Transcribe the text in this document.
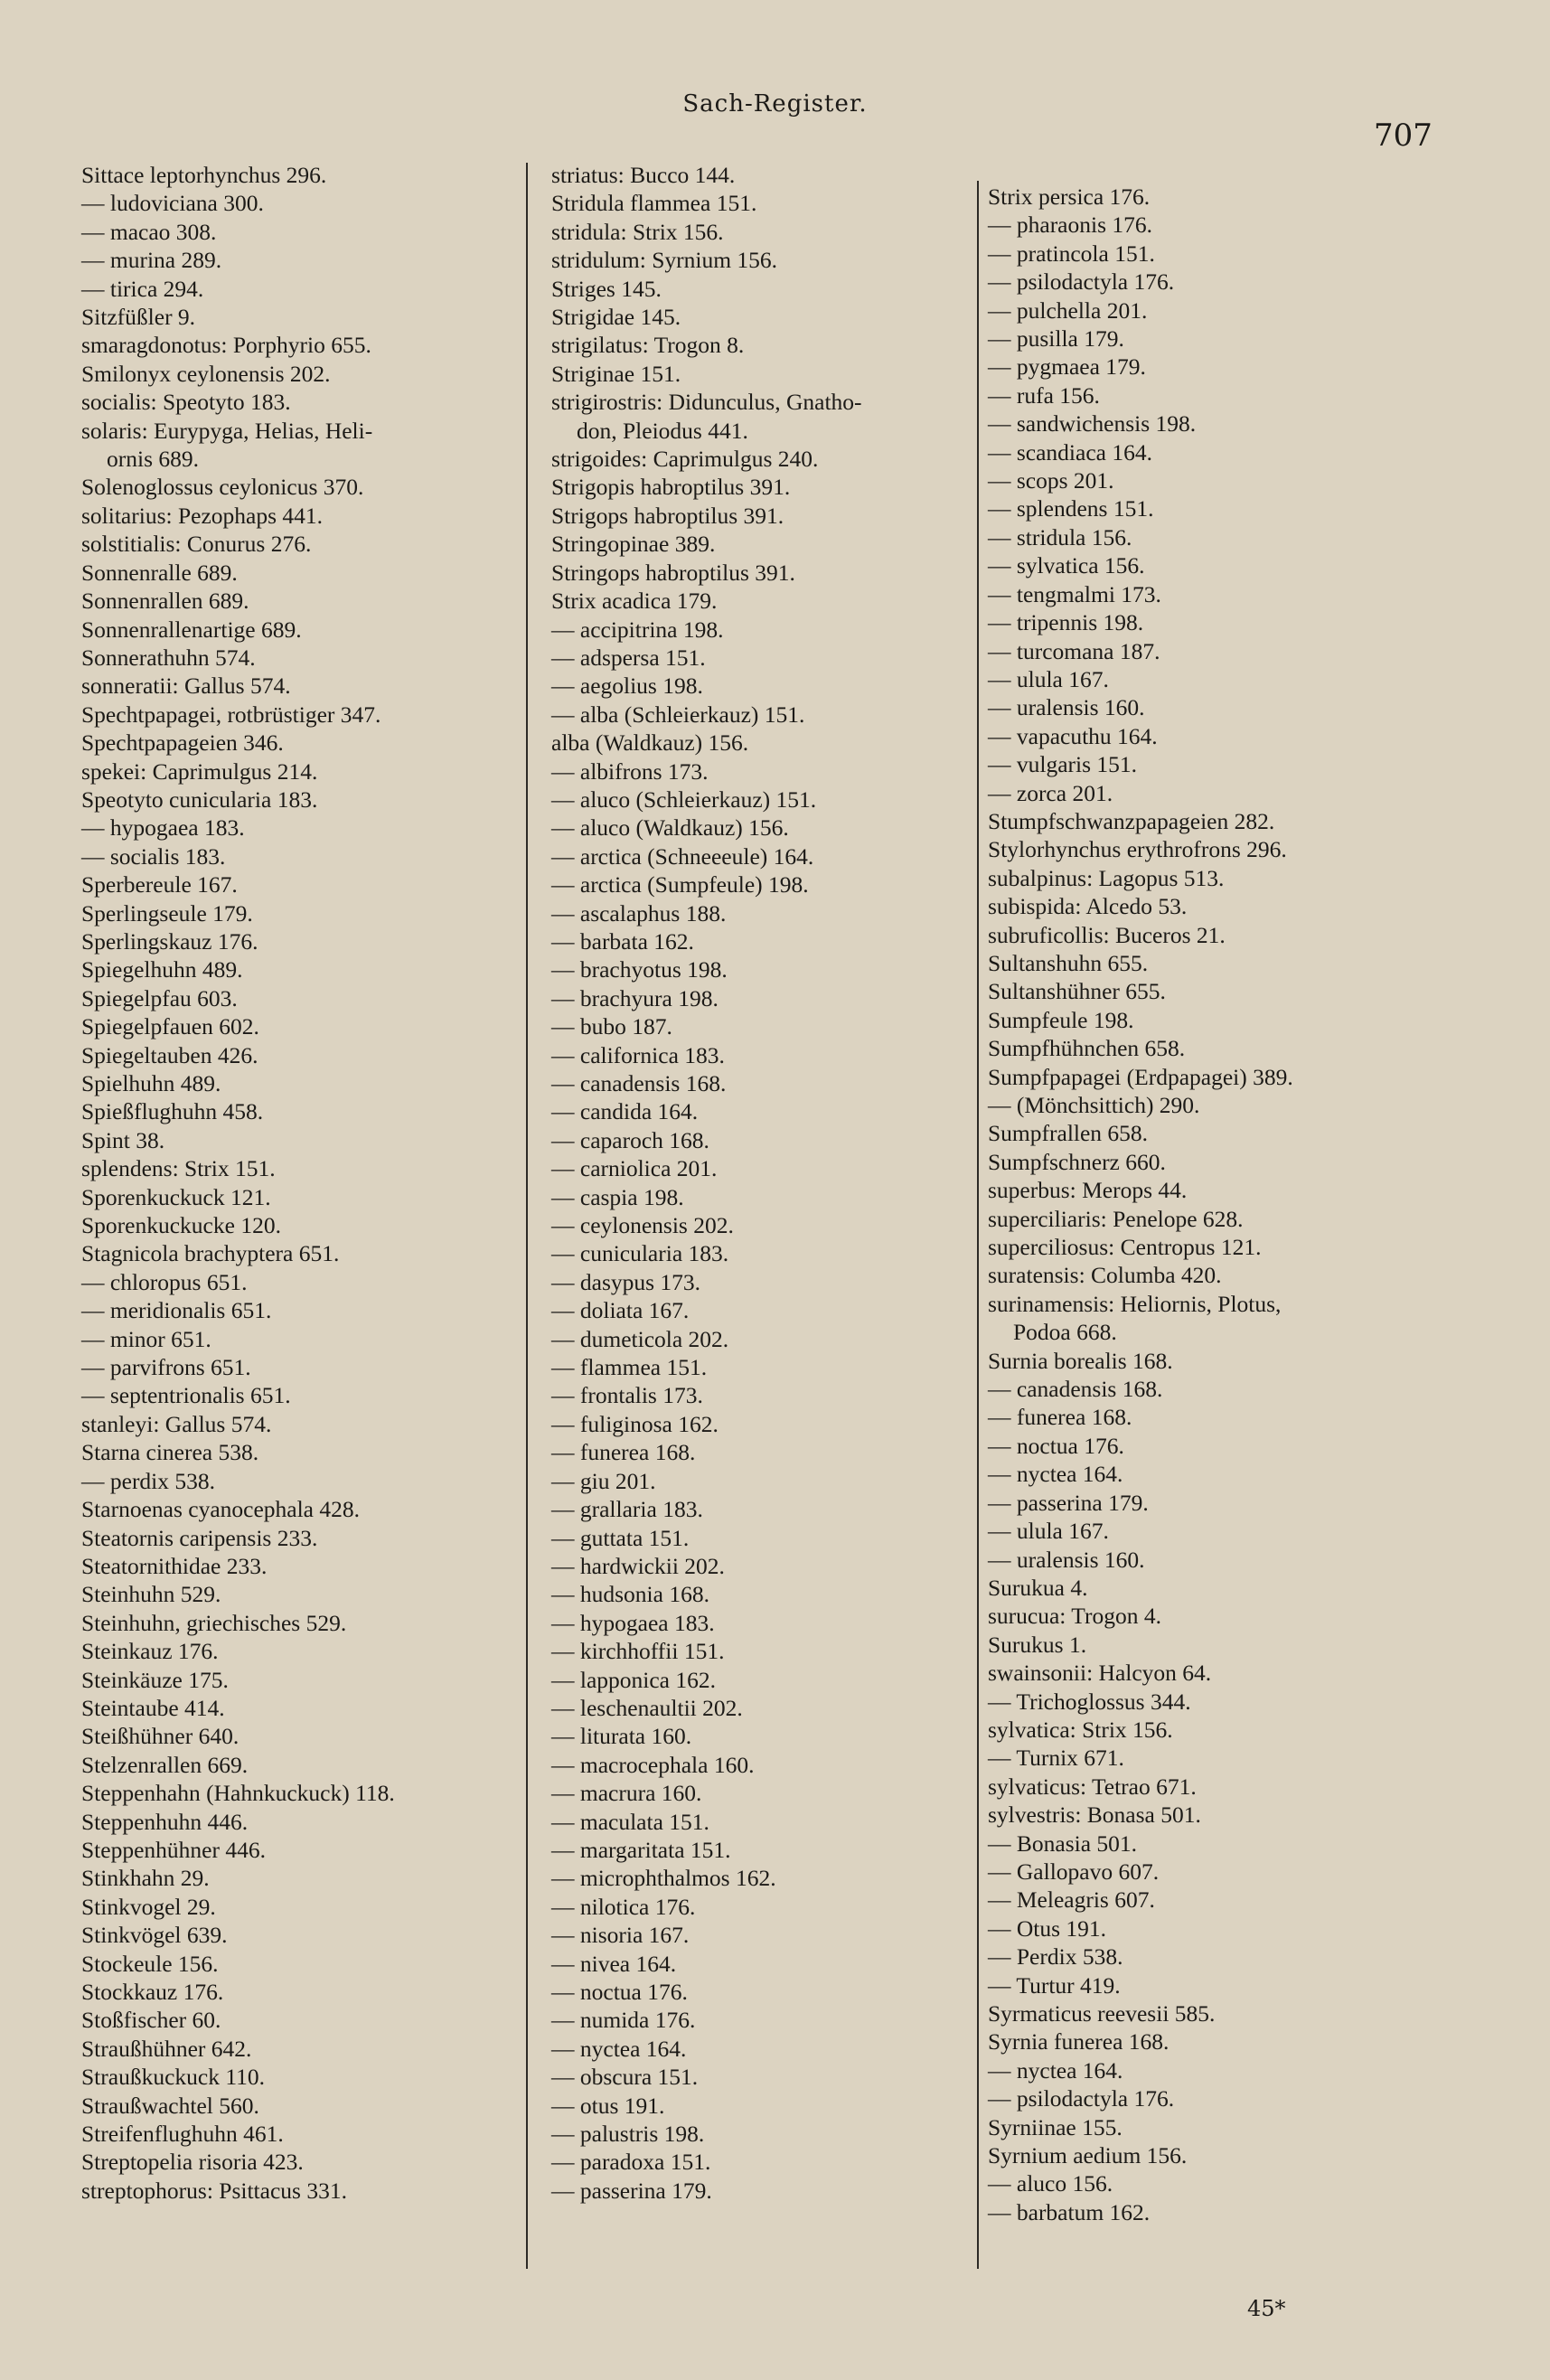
Sach-Register.
707
Sittace leptorhynchus 296.
— ludoviciana 300.
— macao 308.
— murina 289.
— tirica 294.
Sitzfüßler 9.
smaragdonotus: Porphyrio 655.
Smilonyx ceylonensis 202.
socialis: Speotyto 183.
solaris: Eurypyga, Helias, Heli-
ornis 689.
Solenoglossus ceylonicus 370.
solitarius: Pezophaps 441.
solstitialis: Conurus 276.
Sonnenralle 689.
Sonnenrallen 689.
Sonnenrallenartige 689.
Sonnerathuhn 574.
sonneratii: Gallus 574.
Spechtpapagei, rotbrüstiger 347.
Spechtpapageien 346.
spekei: Caprimulgus 214.
Speotyto cunicularia 183.
— hypogaea 183.
— socialis 183.
Sperbereule 167.
Sperlingseule 179.
Sperlingskauz 176.
Spiegelhuhn 489.
Spiegelpfau 603.
Spiegelpfauen 602.
Spiegeltauben 426.
Spielhuhn 489.
Spießflughuhn 458.
Spint 38.
splendens: Strix 151.
Sporenkuckuck 121.
Sporenkuckucke 120.
Stagnicola brachyptera 651.
— chloropus 651.
— meridionalis 651.
— minor 651.
— parvifrons 651.
— septentrionalis 651.
stanleyi: Gallus 574.
Starna cinerea 538.
— perdix 538.
Starnoenas cyanocephala 428.
Steatornis caripensis 233.
Steatornithidae 233.
Steinhuhn 529.
Steinhuhn, griechisches 529.
Steinkauz 176.
Steinkäuze 175.
Steintaube 414.
Steißhühner 640.
Stelzenrallen 669.
Steppenhahn (Hahnkuckuck) 118.
Steppenhuhn 446.
Steppenhühner 446.
Stinkhahn 29.
Stinkvogel 29.
Stinkvögel 639.
Stockeule 156.
Stockkauz 176.
Stoßfischer 60.
Straußhühner 642.
Straußkuckuck 110.
Straußwachtel 560.
Streifenflughuhn 461.
Streptopelia risoria 423.
streptophorus: Psittacus 331.
striatus: Bucco 144.
Stridula flammea 151.
stridula: Strix 156.
stridulum: Syrnium 156.
Striges 145.
Strigidae 145.
strigilatus: Trogon 8.
Striginae 151.
strigirostris: Didunculus, Gnatho-
don, Pleiodus 441.
strigoides: Caprimulgus 240.
Strigopis habroptilus 391.
Strigops habroptilus 391.
Stringopinae 389.
Stringops habroptilus 391.
Strix acadica 179.
— accipitrina 198.
— adspersa 151.
— aegolius 198.
— alba (Schleierkauz) 151.
alba (Waldkauz) 156.
— albifrons 173.
— aluco (Schleierkauz) 151.
— aluco (Waldkauz) 156.
— arctica (Schneeeule) 164.
— arctica (Sumpfeule) 198.
— ascalaphus 188.
— barbata 162.
— brachyotus 198.
— brachyura 198.
— bubo 187.
— californica 183.
— canadensis 168.
— candida 164.
— caparoch 168.
— carniolica 201.
— caspia 198.
— ceylonensis 202.
— cunicularia 183.
— dasypus 173.
— doliata 167.
— dumeticola 202.
— flammea 151.
— frontalis 173.
— fuliginosa 162.
— funerea 168.
— giu 201.
— grallaria 183.
— guttata 151.
— hardwickii 202.
— hudsonia 168.
— hypogaea 183.
— kirchhoffii 151.
— lapponica 162.
— leschenaultii 202.
— liturata 160.
— macrocephala 160.
— macrura 160.
— maculata 151.
— margaritata 151.
— microphthalmos 162.
— nilotica 176.
— nisoria 167.
— nivea 164.
— noctua 176.
— numida 176.
— nyctea 164.
— obscura 151.
— otus 191.
— palustris 198.
— paradoxa 151.
— passerina 179.
Strix persica 176.
— pharaonis 176.
— pratincola 151.
— psilodactyla 176.
— pulchella 201.
— pusilla 179.
— pygmaea 179.
— rufa 156.
— sandwichensis 198.
— scandiaca 164.
— scops 201.
— splendens 151.
— stridula 156.
— sylvatica 156.
— tengmalmi 173.
— tripennis 198.
— turcomana 187.
— ulula 167.
— uralensis 160.
— vapacuthu 164.
— vulgaris 151.
— zorca 201.
Stumpfschwanzpapageien 282.
Stylorhynchus erythrofrons 296.
subalpinus: Lagopus 513.
subispida: Alcedo 53.
subruficollis: Buceros 21.
Sultanshuhn 655.
Sultanshühner 655.
Sumpfeule 198.
Sumpfhühnchen 658.
Sumpfpapagei (Erdpapagei) 389.
— (Mönchsittich) 290.
Sumpfrallen 658.
Sumpfschnerz 660.
superbus: Merops 44.
superciliaris: Penelope 628.
superciliosus: Centropus 121.
suratensis: Columba 420.
surinamensis: Heliornis, Plotus,
Podoa 668.
Surnia borealis 168.
— canadensis 168.
— funerea 168.
— noctua 176.
— nyctea 164.
— passerina 179.
— ulula 167.
— uralensis 160.
Surukua 4.
surucua: Trogon 4.
Surukus 1.
swainsonii: Halcyon 64.
— Trichoglossus 344.
sylvatica: Strix 156.
— Turnix 671.
sylvaticus: Tetrao 671.
sylvestris: Bonasa 501.
— Bonasia 501.
— Gallopavo 607.
— Meleagris 607.
— Otus 191.
— Perdix 538.
— Turtur 419.
Syrmaticus reevesii 585.
Syrnia funerea 168.
— nyctea 164.
— psilodactyla 176.
Syrniinae 155.
Syrnium aedium 156.
— aluco 156.
— barbatum 162.
45*
